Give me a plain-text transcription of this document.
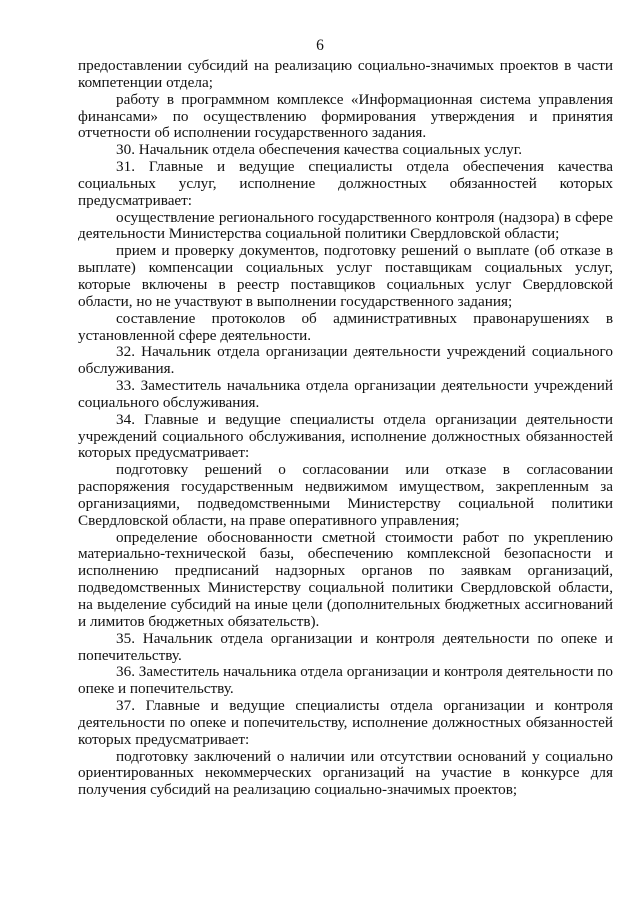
6

предоставлении субсидий на реализацию социально-значимых проектов в части компетенции отдела;

работу в программном комплексе «Информационная система управления финансами» по осуществлению формирования утверждения и принятия отчетности об исполнении государственного задания.

30. Начальник отдела обеспечения качества социальных услуг.

31. Главные и ведущие специалисты отдела обеспечения качества социальных услуг, исполнение должностных обязанностей которых предусматривает:

осуществление регионального государственного контроля (надзора) в сфере деятельности Министерства социальной политики Свердловской области;

прием и проверку документов, подготовку решений о выплате (об отказе в выплате) компенсации социальных услуг поставщикам социальных услуг, которые включены в реестр поставщиков социальных услуг Свердловской области, но не участвуют в выполнении государственного задания;

составление протоколов об административных правонарушениях в установленной сфере деятельности.

32. Начальник отдела организации деятельности учреждений социального обслуживания.

33. Заместитель начальника отдела организации деятельности учреждений социального обслуживания.

34. Главные и ведущие специалисты отдела организации деятельности учреждений социального обслуживания, исполнение должностных обязанностей которых предусматривает:

подготовку решений о согласовании или отказе в согласовании распоряжения государственным недвижимом имуществом, закрепленным за организациями, подведомственными Министерству социальной политики Свердловской области, на праве оперативного управления;

определение обоснованности сметной стоимости работ по укреплению материально-технической базы, обеспечению комплексной безопасности и исполнению предписаний надзорных органов по заявкам организаций, подведомственных Министерству социальной политики Свердловской области, на выделение субсидий на иные цели (дополнительных бюджетных ассигнований и лимитов бюджетных обязательств).

35. Начальник отдела организации и контроля деятельности по опеке и попечительству.

36. Заместитель начальника отдела организации и контроля деятельности по опеке и попечительству.

37. Главные и ведущие специалисты отдела организации и контроля деятельности по опеке и попечительству, исполнение должностных обязанностей которых предусматривает:

подготовку заключений о наличии или отсутствии оснований у социально ориентированных некоммерческих организаций на участие в конкурсе для получения субсидий на реализацию социально-значимых проектов;
